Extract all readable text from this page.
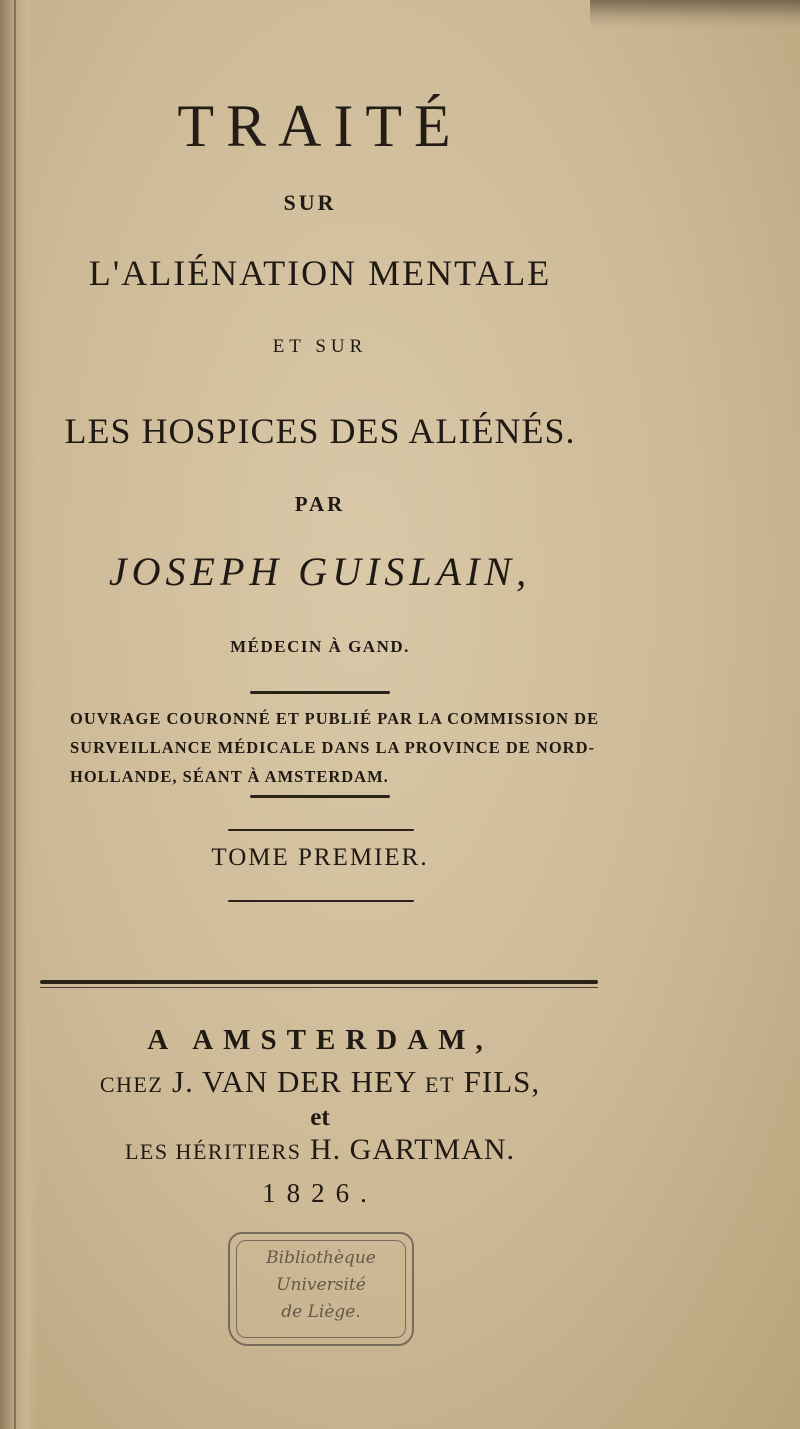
TRAITÉ
SUR
L'ALIÉNATION MENTALE
ET SUR
LES HOSPICES DES ALIÉNÉS.
PAR
JOSEPH GUISLAIN,
MÉDECIN À GAND.
OUVRAGE COURONNÉ ET PUBLIÉ PAR LA COMMISSION DE
SURVEILLANCE MÉDICALE DANS LA PROVINCE DE NORD-
HOLLANDE, SÉANT À AMSTERDAM.
TOME PREMIER.
A AMSTERDAM,
CHEZ J. VAN DER HEY ET FILS,
et
LES HÉRITIERS H. GARTMAN.
1826.
Bibliothèque
Université
de Liège.
